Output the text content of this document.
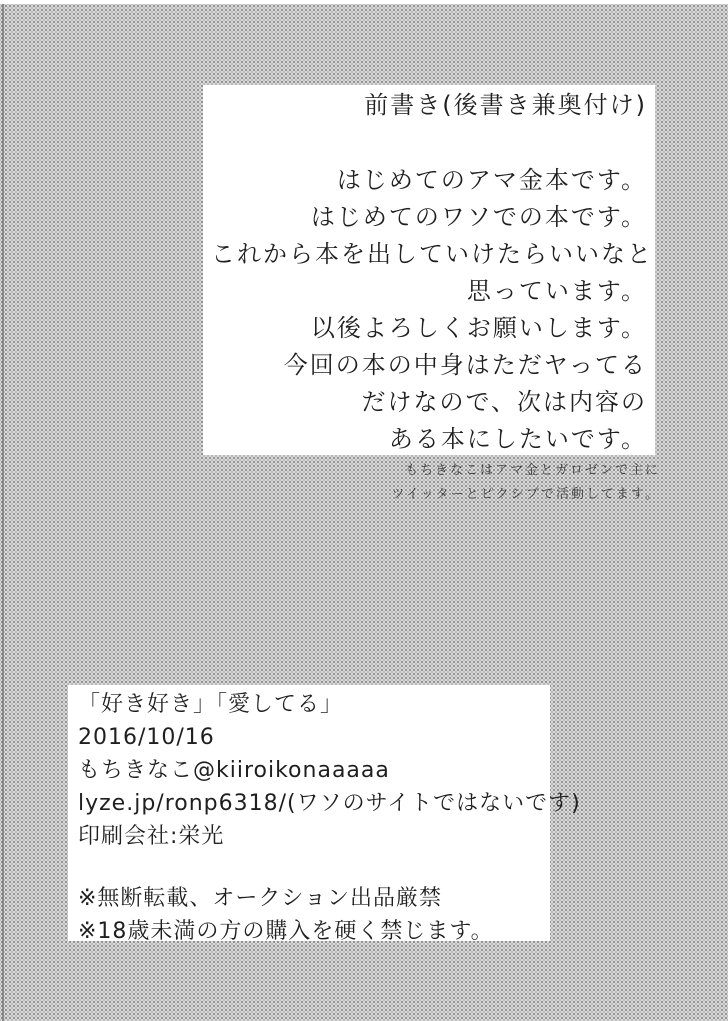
前書き(後書き兼奥付け)
はじめてのアマ金本です。
はじめてのワソでの本です。
これから本を出していけたらいいなと
思っています。
以後よろしくお願いします。
今回の本の中身はただヤってる
だけなので、次は内容の
ある本にしたいです。
もちきなこはアマ金とガロゼンで主に
ツイッターとピクシブで活動してます。
「好き好き」「愛してる」
2016/10/16
もちきなこ@kiiroikonaaaaa
lyze.jp/ronp6318/(ワソのサイトではないです)
印刷会社:栄光
※無断転載、オークション出品厳禁
※18歳未満の方の購入を硬く禁じます。
